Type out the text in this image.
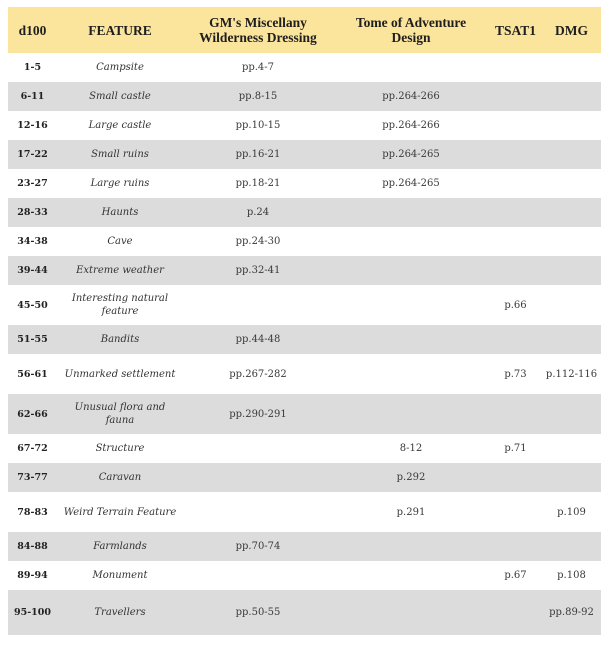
d100	FEATURE	GM's Miscellany Wilderness Dressing	Tome of Adventure Design	TSAT1	DMG
1-5	Campsite	pp.4-7			
6-11	Small castle	pp.8-15	pp.264-266		
12-16	Large castle	pp.10-15	pp.264-266		
17-22	Small ruins	pp.16-21	pp.264-265		
23-27	Large ruins	pp.18-21	pp.264-265		
28-33	Haunts	p.24			
34-38	Cave	pp.24-30			
39-44	Extreme weather	pp.32-41			
45-50	Interesting natural feature			p.66	
51-55	Bandits	pp.44-48			
56-61	Unmarked settlement	pp.267-282		p.73	p.112-116
62-66	Unusual flora and fauna	pp.290-291			
67-72	Structure		8-12	p.71	
73-77	Caravan		p.292		
78-83	Weird Terrain Feature		p.291		p.109
84-88	Farmlands	pp.70-74			
89-94	Monument			p.67	p.108
95-100	Travellers	pp.50-55			pp.89-92
